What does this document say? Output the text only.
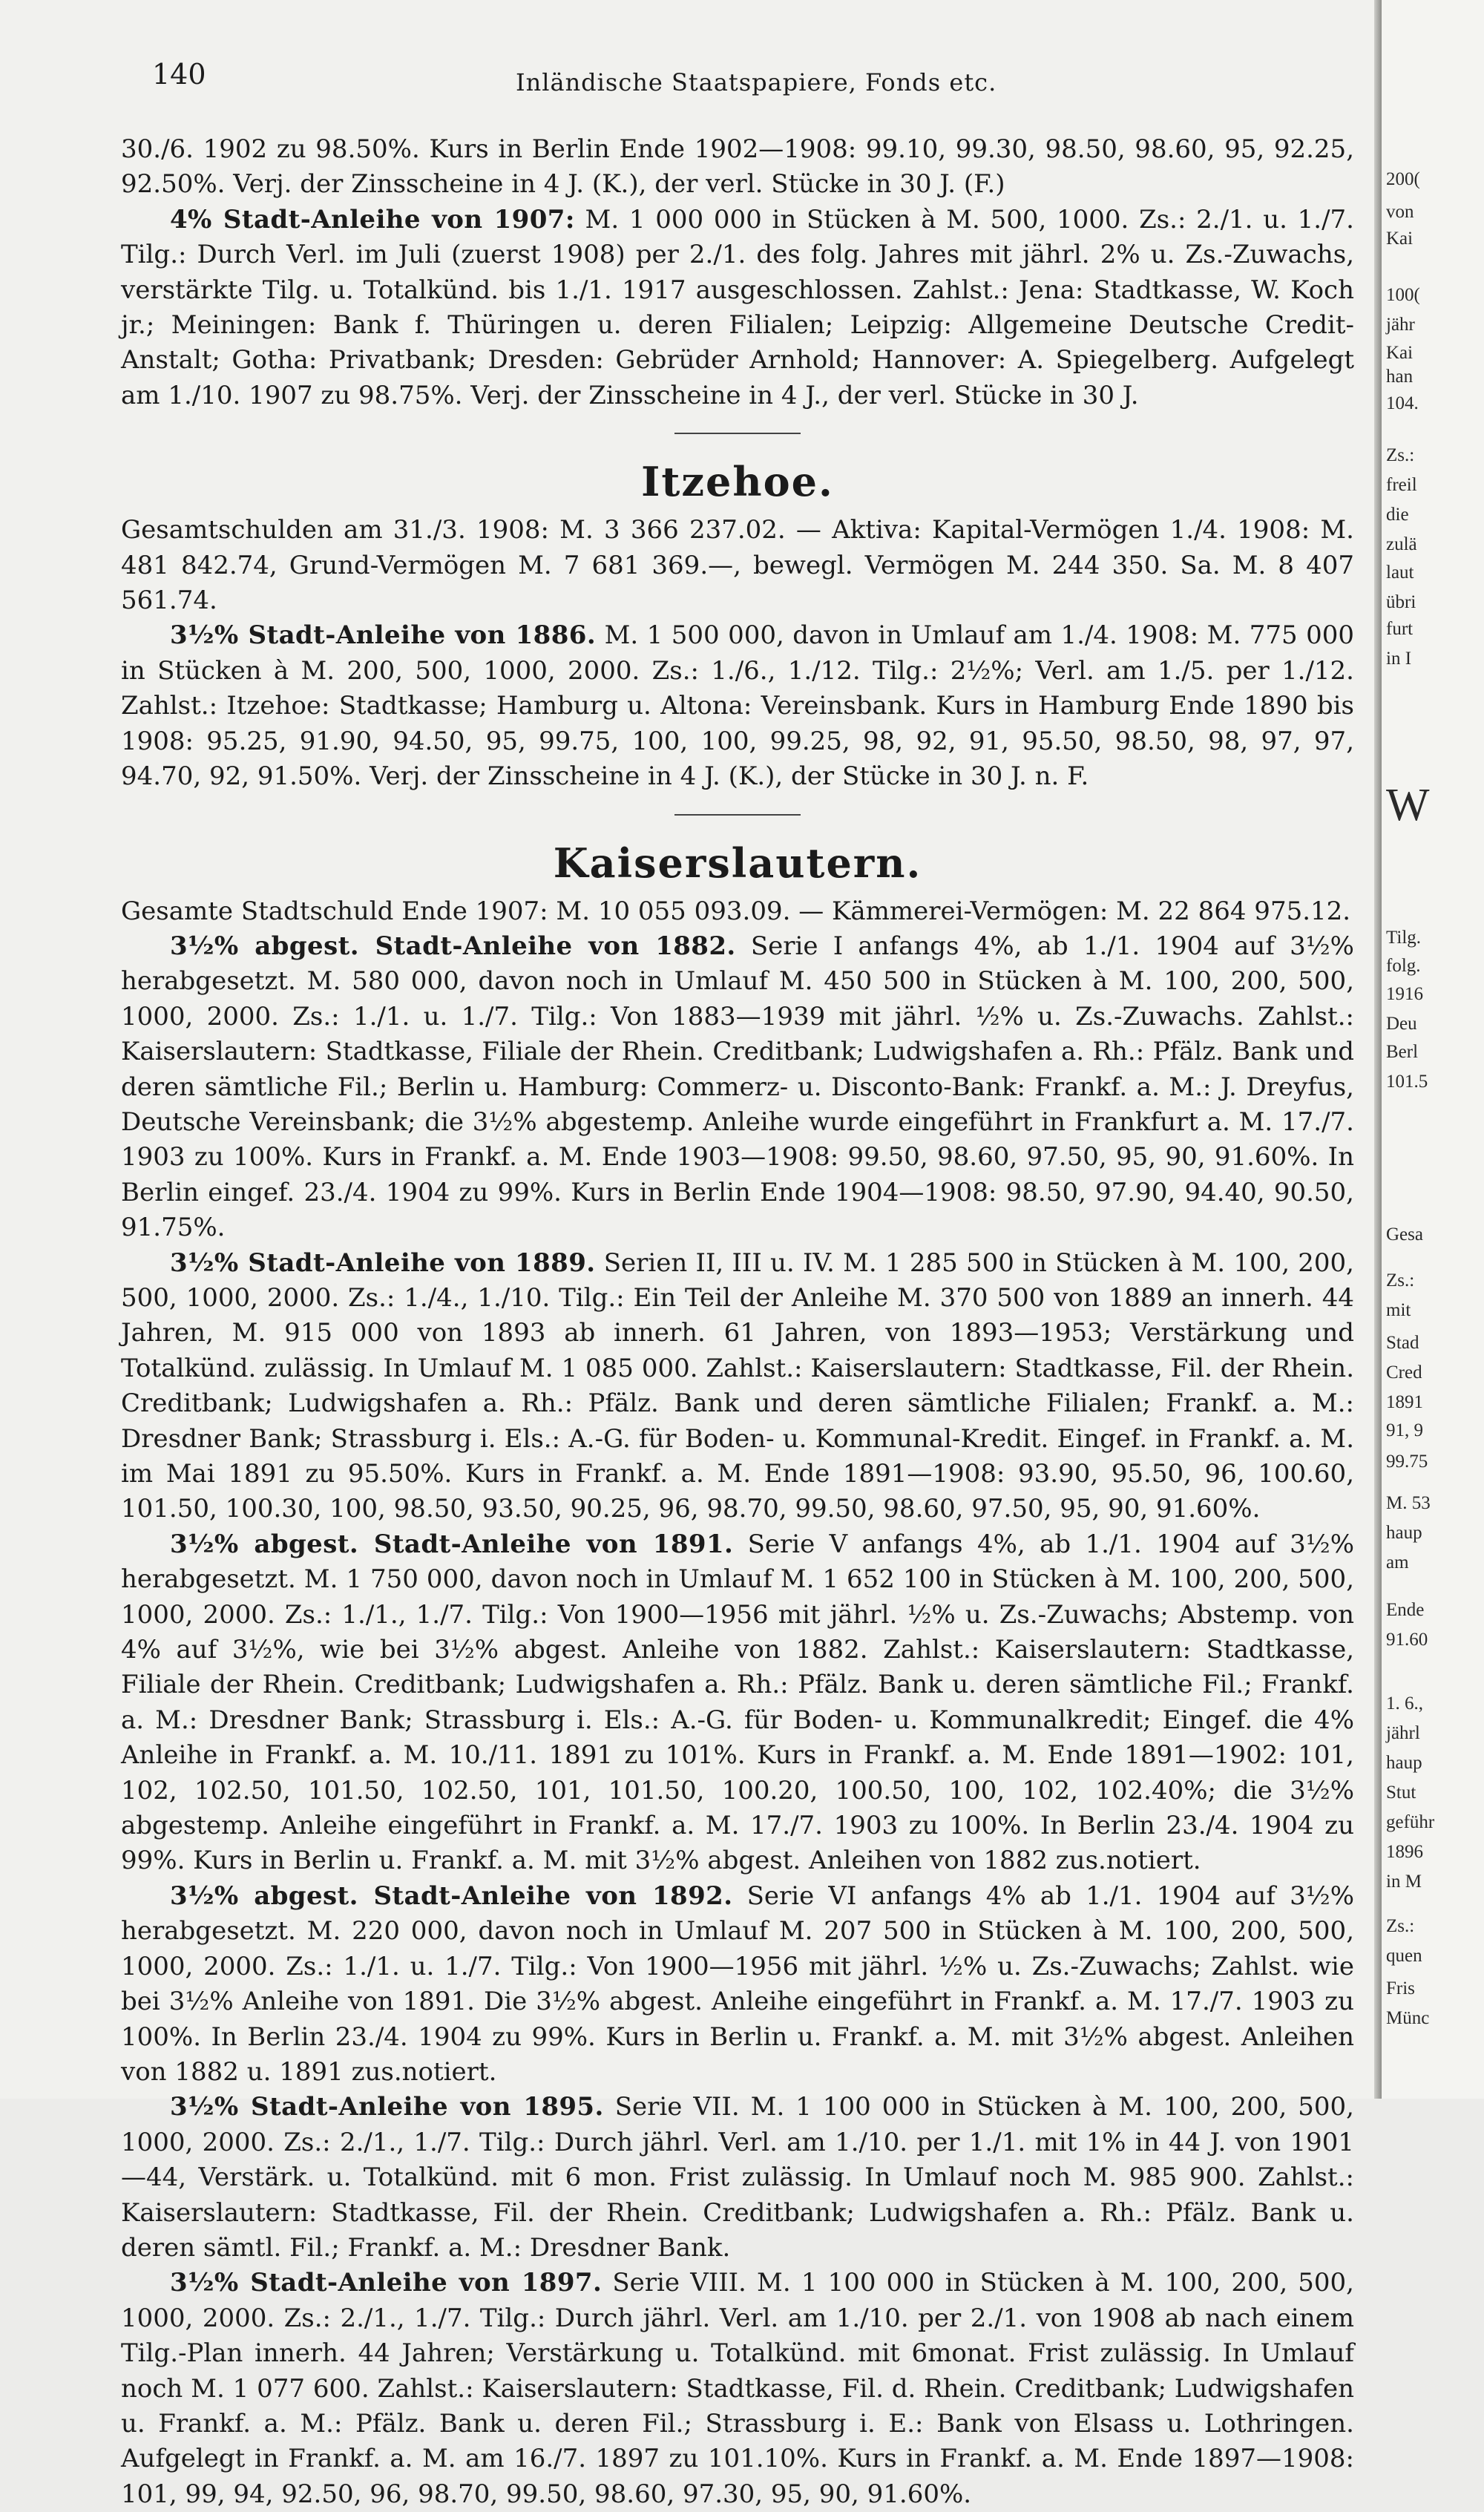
140	Inländische Staatspapiere, Fonds etc.

30./6. 1902 zu 98.50%. Kurs in Berlin Ende 1902—1908: 99.10, 99.30, 98.50, 98.60, 95, 92.25, 92.50%. Verj. der Zinsscheine in 4 J. (K.), der verl. Stücke in 30 J. (F.)

4% Stadt-Anleihe von 1907: M. 1 000 000 in Stücken à M. 500, 1000. Zs.: 2./1. u. 1./7. Tilg.: Durch Verl. im Juli (zuerst 1908) per 2./1. des folg. Jahres mit jährl. 2% u. Zs.-Zuwachs, verstärkte Tilg. u. Totalkünd. bis 1./1. 1917 ausgeschlossen. Zahlst.: Jena: Stadtkasse, W. Koch jr.; Meiningen: Bank f. Thüringen u. deren Filialen; Leipzig: Allgemeine Deutsche Credit-Anstalt; Gotha: Privatbank; Dresden: Gebrüder Arnhold; Hannover: A. Spiegelberg. Aufgelegt am 1./10. 1907 zu 98.75%. Verj. der Zinsscheine in 4 J., der verl. Stücke in 30 J.

Itzehoe.

Gesamtschulden am 31./3. 1908: M. 3 366 237.02. — Aktiva: Kapital-Vermögen 1./4. 1908: M. 481 842.74, Grund-Vermögen M. 7 681 369.—, bewegl. Vermögen M. 244 350. Sa. M. 8 407 561.74.

3½% Stadt-Anleihe von 1886. M. 1 500 000, davon in Umlauf am 1./4. 1908: M. 775 000 in Stücken à M. 200, 500, 1000, 2000. Zs.: 1./6., 1./12. Tilg.: 2½%; Verl. am 1./5. per 1./12. Zahlst.: Itzehoe: Stadtkasse; Hamburg u. Altona: Vereinsbank. Kurs in Hamburg Ende 1890 bis 1908: 95.25, 91.90, 94.50, 95, 99.75, 100, 100, 99.25, 98, 92, 91, 95.50, 98.50, 98, 97, 97, 94.70, 92, 91.50%. Verj. der Zinsscheine in 4 J. (K.), der Stücke in 30 J. n. F.

Kaiserslautern.

Gesamte Stadtschuld Ende 1907: M. 10 055 093.09. — Kämmerei-Vermögen: M. 22 864 975.12.

3½% abgest. Stadt-Anleihe von 1882. Serie I anfangs 4%, ab 1./1. 1904 auf 3½% herabgesetzt. M. 580 000, davon noch in Umlauf M. 450 500 in Stücken à M. 100, 200, 500, 1000, 2000. Zs.: 1./1. u. 1./7. Tilg.: Von 1883—1939 mit jährl. ½% u. Zs.-Zuwachs. Zahlst.: Kaiserslautern: Stadtkasse, Filiale der Rhein. Creditbank; Ludwigshafen a. Rh.: Pfälz. Bank und deren sämtliche Fil.; Berlin u. Hamburg: Commerz- u. Disconto-Bank: Frankf. a. M.: J. Dreyfus, Deutsche Vereinsbank; die 3½% abgestemp. Anleihe wurde eingeführt in Frankfurt a. M. 17./7. 1903 zu 100%. Kurs in Frankf. a. M. Ende 1903—1908: 99.50, 98.60, 97.50, 95, 90, 91.60%. In Berlin eingef. 23./4. 1904 zu 99%. Kurs in Berlin Ende 1904—1908: 98.50, 97.90, 94.40, 90.50, 91.75%.

3½% Stadt-Anleihe von 1889. Serien II, III u. IV. M. 1 285 500 in Stücken à M. 100, 200, 500, 1000, 2000. Zs.: 1./4., 1./10. Tilg.: Ein Teil der Anleihe M. 370 500 von 1889 an innerh. 44 Jahren, M. 915 000 von 1893 ab innerh. 61 Jahren, von 1893—1953; Verstärkung und Totalkünd. zulässig. In Umlauf M. 1 085 000. Zahlst.: Kaiserslautern: Stadtkasse, Fil. der Rhein. Creditbank; Ludwigshafen a. Rh.: Pfälz. Bank und deren sämtliche Filialen; Frankf. a. M.: Dresdner Bank; Strassburg i. Els.: A.-G. für Boden- u. Kommunal-Kredit. Eingef. in Frankf. a. M. im Mai 1891 zu 95.50%. Kurs in Frankf. a. M. Ende 1891—1908: 93.90, 95.50, 96, 100.60, 101.50, 100.30, 100, 98.50, 93.50, 90.25, 96, 98.70, 99.50, 98.60, 97.50, 95, 90, 91.60%.

3½% abgest. Stadt-Anleihe von 1891. Serie V anfangs 4%, ab 1./1. 1904 auf 3½% herabgesetzt. M. 1 750 000, davon noch in Umlauf M. 1 652 100 in Stücken à M. 100, 200, 500, 1000, 2000. Zs.: 1./1., 1./7. Tilg.: Von 1900—1956 mit jährl. ½% u. Zs.-Zuwachs; Abstemp. von 4% auf 3½%, wie bei 3½% abgest. Anleihe von 1882. Zahlst.: Kaiserslautern: Stadtkasse, Filiale der Rhein. Creditbank; Ludwigshafen a. Rh.: Pfälz. Bank u. deren sämtliche Fil.; Frankf. a. M.: Dresdner Bank; Strassburg i. Els.: A.-G. für Boden- u. Kommunalkredit; Eingef. die 4% Anleihe in Frankf. a. M. 10./11. 1891 zu 101%. Kurs in Frankf. a. M. Ende 1891—1902: 101, 102, 102.50, 101.50, 102.50, 101, 101.50, 100.20, 100.50, 100, 102, 102.40%; die 3½% abgestemp. Anleihe eingeführt in Frankf. a. M. 17./7. 1903 zu 100%. In Berlin 23./4. 1904 zu 99%. Kurs in Berlin u. Frankf. a. M. mit 3½% abgest. Anleihen von 1882 zus.notiert.

3½% abgest. Stadt-Anleihe von 1892. Serie VI anfangs 4% ab 1./1. 1904 auf 3½% herabgesetzt. M. 220 000, davon noch in Umlauf M. 207 500 in Stücken à M. 100, 200, 500, 1000, 2000. Zs.: 1./1. u. 1./7. Tilg.: Von 1900—1956 mit jährl. ½% u. Zs.-Zuwachs; Zahlst. wie bei 3½% Anleihe von 1891. Die 3½% abgest. Anleihe eingeführt in Frankf. a. M. 17./7. 1903 zu 100%. In Berlin 23./4. 1904 zu 99%. Kurs in Berlin u. Frankf. a. M. mit 3½% abgest. Anleihen von 1882 u. 1891 zus.notiert.

3½% Stadt-Anleihe von 1895. Serie VII. M. 1 100 000 in Stücken à M. 100, 200, 500, 1000, 2000. Zs.: 2./1., 1./7. Tilg.: Durch jährl. Verl. am 1./10. per 1./1. mit 1% in 44 J. von 1901—44, Verstärk. u. Totalkünd. mit 6 mon. Frist zulässig. In Umlauf noch M. 985 900. Zahlst.: Kaiserslautern: Stadtkasse, Fil. der Rhein. Creditbank; Ludwigshafen a. Rh.: Pfälz. Bank u. deren sämtl. Fil.; Frankf. a. M.: Dresdner Bank.

3½% Stadt-Anleihe von 1897. Serie VIII. M. 1 100 000 in Stücken à M. 100, 200, 500, 1000, 2000. Zs.: 2./1., 1./7. Tilg.: Durch jährl. Verl. am 1./10. per 2./1. von 1908 ab nach einem Tilg.-Plan innerh. 44 Jahren; Verstärkung u. Totalkünd. mit 6monat. Frist zulässig. In Umlauf noch M. 1 077 600. Zahlst.: Kaiserslautern: Stadtkasse, Fil. d. Rhein. Creditbank; Ludwigshafen u. Frankf. a. M.: Pfälz. Bank u. deren Fil.; Strassburg i. E.: Bank von Elsass u. Lothringen. Aufgelegt in Frankf. a. M. am 16./7. 1897 zu 101.10%. Kurs in Frankf. a. M. Ende 1897—1908: 101, 99, 94, 92.50, 96, 98.70, 99.50, 98.60, 97.30, 95, 90, 91.60%.

200(
von
Kai
100(
jähr
Kai
han
104.
Zs.:
freil
die
zulä
laut
übri
furt
in I
W
Tilg.
folg.
1916
Deu
Berl
101.5
Gesa
Zs.:
mit
Stad
Cred
1891
91, 9
99.75
M. 53
haup
am
Ende
91.60
1. 6.,
jährl
haup
Stut
geführ
1896
in M
Zs.:
quen
Fris
Münc
